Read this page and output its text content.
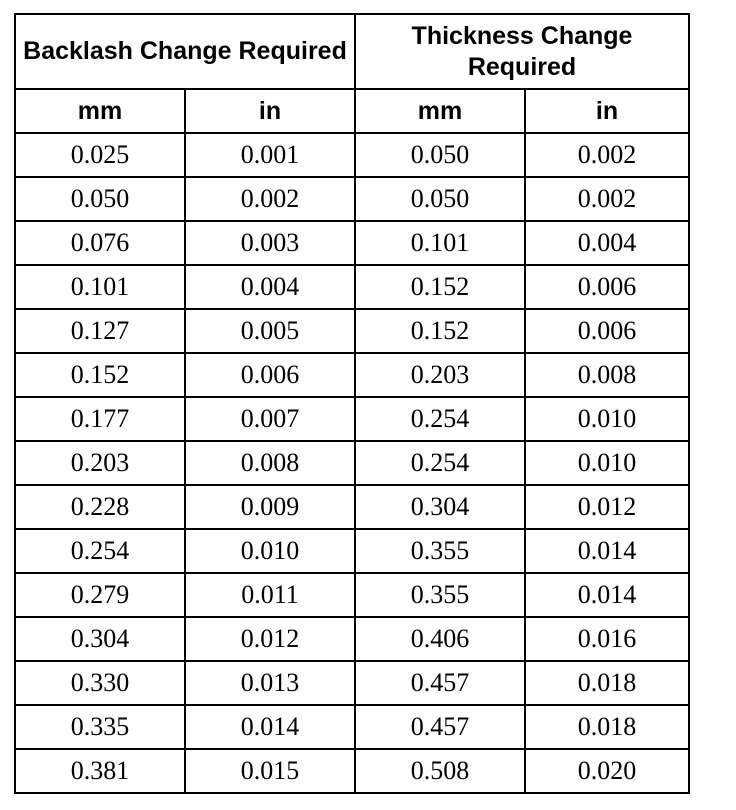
Backlash Change Required		Thickness Change Required	
mm	in	mm	in
0.025	0.001	0.050	0.002
0.050	0.002	0.050	0.002
0.076	0.003	0.101	0.004
0.101	0.004	0.152	0.006
0.127	0.005	0.152	0.006
0.152	0.006	0.203	0.008
0.177	0.007	0.254	0.010
0.203	0.008	0.254	0.010
0.228	0.009	0.304	0.012
0.254	0.010	0.355	0.014
0.279	0.011	0.355	0.014
0.304	0.012	0.406	0.016
0.330	0.013	0.457	0.018
0.335	0.014	0.457	0.018
0.381	0.015	0.508	0.020
